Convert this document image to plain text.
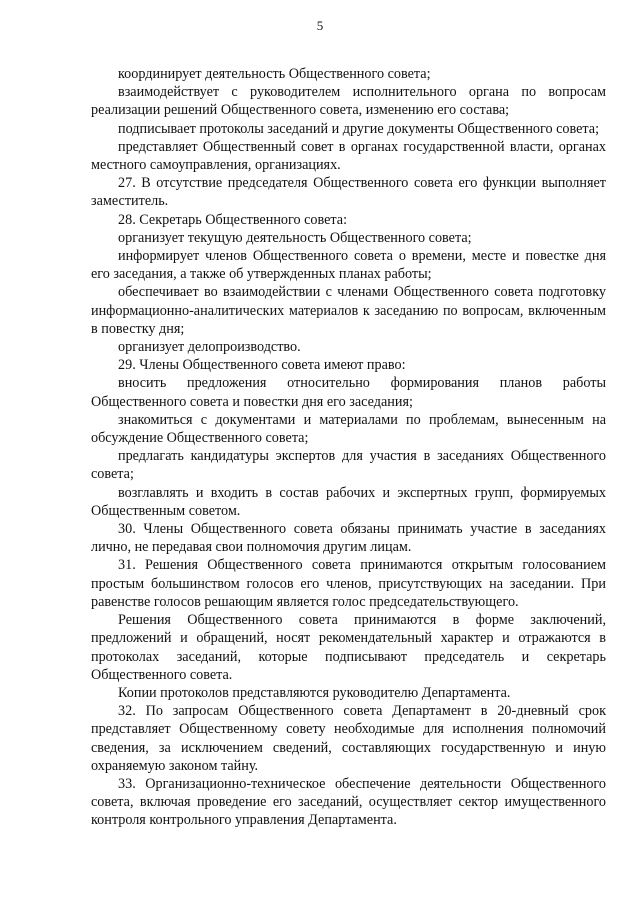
5

координирует деятельность Общественного совета;

взаимодействует с руководителем исполнительного органа по вопросам реализации решений Общественного совета, изменению его состава;

подписывает протоколы заседаний и другие документы Общественного совета;

представляет Общественный совет в органах государственной власти, органах местного самоуправления, организациях.

27. В отсутствие председателя Общественного совета его функции выполняет заместитель.

28. Секретарь Общественного совета:

организует текущую деятельность Общественного совета;

информирует членов Общественного совета о времени, месте и повестке дня его заседания, а также об утвержденных планах работы;

обеспечивает во взаимодействии с членами Общественного совета подготовку информационно-аналитических материалов к заседанию по вопросам, включенным в повестку дня;

организует делопроизводство.

29. Члены Общественного совета имеют право:

вносить предложения относительно формирования планов работы Общественного совета и повестки дня его заседания;

знакомиться с документами и материалами по проблемам, вынесенным на обсуждение Общественного совета;

предлагать кандидатуры экспертов для участия в заседаниях Общественного совета;

возглавлять и входить в состав рабочих и экспертных групп, формируемых Общественным советом.

30. Члены Общественного совета обязаны принимать участие в заседаниях лично, не передавая свои полномочия другим лицам.

31. Решения Общественного совета принимаются открытым голосованием простым большинством голосов его членов, присутствующих на заседании. При равенстве голосов решающим является голос председательствующего.

Решения Общественного совета принимаются в форме заключений, предложений и обращений, носят рекомендательный характер и отражаются в протоколах заседаний, которые подписывают председатель и секретарь Общественного совета.

Копии протоколов представляются руководителю Департамента.

32. По запросам Общественного совета Департамент в 20-дневный срок представляет Общественному совету необходимые для исполнения полномочий сведения, за исключением сведений, составляющих государственную и иную охраняемую законом тайну.

33. Организационно-техническое обеспечение деятельности Общественного совета, включая проведение его заседаний, осуществляет сектор имущественного контроля контрольного управления Департамента.
